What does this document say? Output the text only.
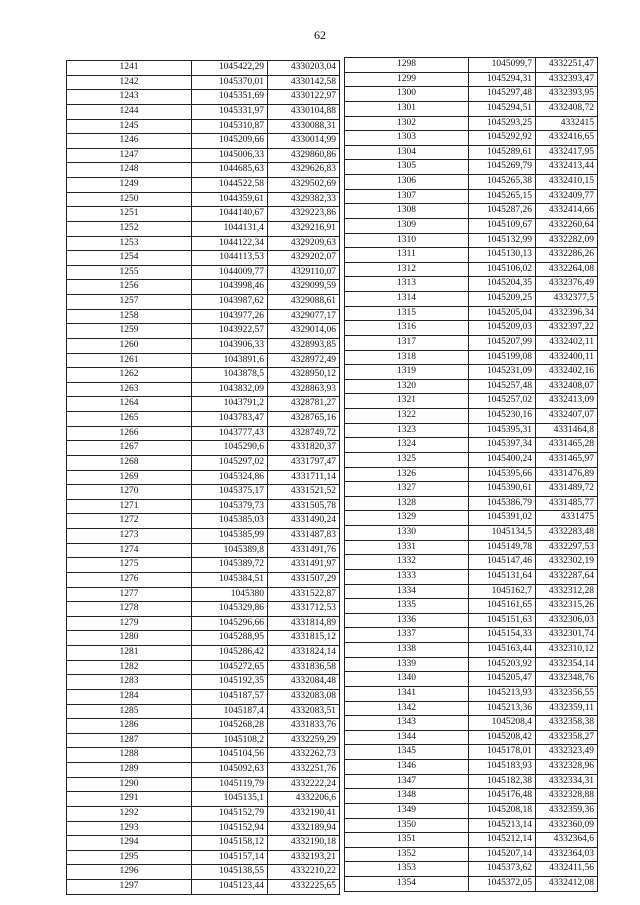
62
1241	1045422,29	4330203,04
1242	1045370,01	4330142,58
1243	1045351,69	4330122,97
1244	1045331,97	4330104,88
1245	1045310,87	4330088,31
1246	1045209,66	4330014,99
1247	1045006,33	4329860,86
1248	1044685,63	4329626,83
1249	1044522,58	4329502,69
1250	1044359,61	4329382,33
1251	1044140,67	4329223,86
1252	1044131,4	4329216,91
1253	1044122,34	4329209,63
1254	1044113,53	4329202,07
1255	1044009,77	4329110,07
1256	1043998,46	4329099,59
1257	1043987,62	4329088,61
1258	1043977,26	4329077,17
1259	1043922,57	4329014,06
1260	1043906,33	4328993,85
1261	1043891,6	4328972,49
1262	1043878,5	4328950,12
1263	1043832,09	4328863,93
1264	1043791,2	4328781,27
1265	1043783,47	4328765,16
1266	1043777,43	4328749,72
1267	1045290,6	4331820,37
1268	1045297,02	4331797,47
1269	1045324,86	4331711,14
1270	1045375,17	4331521,52
1271	1045379,73	4331505,78
1272	1045385,03	4331490,24
1273	1045385,99	4331487,83
1274	1045389,8	4331491,76
1275	1045389,72	4331491,97
1276	1045384,51	4331507,29
1277	1045380	4331522,87
1278	1045329,86	4331712,53
1279	1045296,66	4331814,89
1280	1045288,95	4331815,12
1281	1045286,42	4331824,14
1282	1045272,65	4331836,58
1283	1045192,35	4332084,48
1284	1045187,57	4332083,08
1285	1045187,4	4332083,51
1286	1045268,28	4331833,76
1287	1045108,2	4332259,29
1288	1045104,56	4332262,73
1289	1045092,63	4332251,76
1290	1045119,79	4332222,24
1291	1045135,1	4332206,6
1292	1045152,79	4332190,41
1293	1045152,94	4332189,94
1294	1045158,12	4332190,18
1295	1045157,14	4332193,21
1296	1045138,55	4332210,22
1297	1045123,44	4332225,65
1298	1045099,7	4332251,47
1299	1045294,31	4332393,47
1300	1045297,48	4332393,95
1301	1045294,51	4332408,72
1302	1045293,25	4332415
1303	1045292,92	4332416,65
1304	1045289,61	4332417,95
1305	1045269,79	4332413,44
1306	1045265,38	4332410,15
1307	1045265,15	4332409,77
1308	1045287,26	4332414,66
1309	1045109,67	4332260,64
1310	1045132,99	4332282,09
1311	1045130,13	4332286,26
1312	1045106,02	4332264,08
1313	1045204,35	4332376,49
1314	1045209,25	4332377,5
1315	1045205,04	4332396,34
1316	1045209,03	4332397,22
1317	1045207,99	4332402,11
1318	1045199,08	4332400,11
1319	1045231,09	4332402,16
1320	1045257,48	4332408,07
1321	1045257,02	4332413,09
1322	1045230,16	4332407,07
1323	1045395,31	4331464,8
1324	1045397,34	4331465,28
1325	1045400,24	4331465,97
1326	1045395,66	4331476,89
1327	1045390,61	4331489,72
1328	1045386,79	4331485,77
1329	1045391,02	4331475
1330	1045134,5	4332283,48
1331	1045149,78	4332297,53
1332	1045147,46	4332302,19
1333	1045131,64	4332287,64
1334	1045162,7	4332312,28
1335	1045161,65	4332315,26
1336	1045151,63	4332306,03
1337	1045154,33	4332301,74
1338	1045163,44	4332310,12
1339	1045203,92	4332354,14
1340	1045205,47	4332348,76
1341	1045213,93	4332356,55
1342	1045213,36	4332359,11
1343	1045208,4	4332358,38
1344	1045208,42	4332358,27
1345	1045178,01	4332323,49
1346	1045183,93	4332328,96
1347	1045182,38	4332334,31
1348	1045176,48	4332328,88
1349	1045208,18	4332359,36
1350	1045213,14	4332360,09
1351	1045212,14	4332364,6
1352	1045207,14	4332364,03
1353	1045373,62	4332411,56
1354	1045372,05	4332412,08
